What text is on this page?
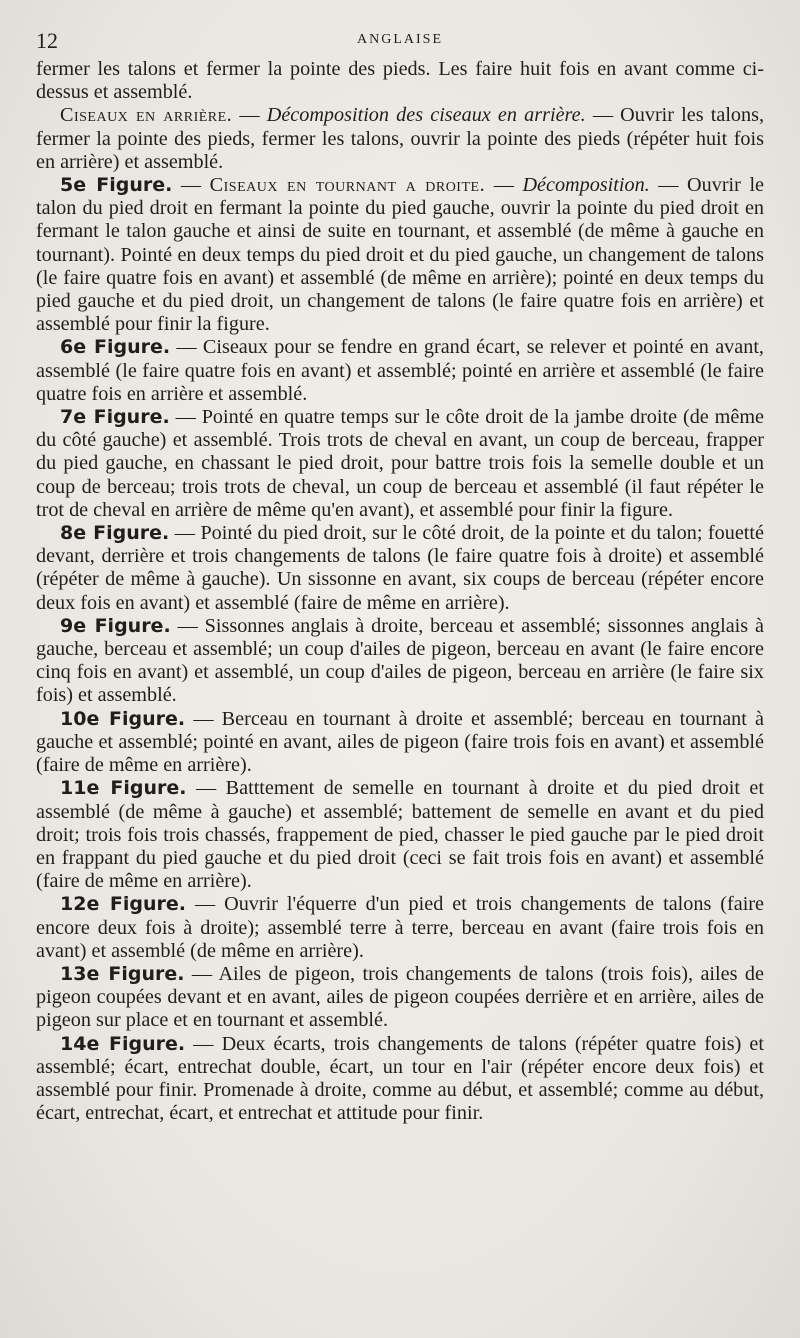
12	ANGLAISE

fermer les talons et fermer la pointe des pieds. Les faire huit fois en avant comme ci-dessus et assemblé.

Ciseaux en arrière. — Décomposition des ciseaux en arrière. — Ouvrir les talons, fermer la pointe des pieds, fermer les talons, ouvrir la pointe des pieds (répéter huit fois en arrière) et assemblé.

5e Figure. — Ciseaux en tournant a droite. — Décomposition. — Ouvrir le talon du pied droit en fermant la pointe du pied gauche, ouvrir la pointe du pied droit en fermant le talon gauche et ainsi de suite en tournant, et assemblé (de même à gauche en tournant). Pointé en deux temps du pied droit et du pied gauche, un changement de talons (le faire quatre fois en avant) et assemblé (de même en arrière); pointé en deux temps du pied gauche et du pied droit, un changement de talons (le faire quatre fois en arrière) et assemblé pour finir la figure.

6e Figure. — Ciseaux pour se fendre en grand écart, se relever et pointé en avant, assemblé (le faire quatre fois en avant) et assemblé; pointé en arrière et assemblé (le faire quatre fois en arrière et assemblé.

7e Figure. — Pointé en quatre temps sur le côte droit de la jambe droite (de même du côté gauche) et assemblé. Trois trots de cheval en avant, un coup de berceau, frapper du pied gauche, en chassant le pied droit, pour battre trois fois la semelle double et un coup de berceau; trois trots de cheval, un coup de berceau et assemblé (il faut répéter le trot de cheval en arrière de même qu'en avant), et assemblé pour finir la figure.

8e Figure. — Pointé du pied droit, sur le côté droit, de la pointe et du talon; fouetté devant, derrière et trois changements de talons (le faire quatre fois à droite) et assemblé (répéter de même à gauche). Un sissonne en avant, six coups de berceau (répéter encore deux fois en avant) et assemblé (faire de même en arrière).

9e Figure. — Sissonnes anglais à droite, berceau et assemblé; sissonnes anglais à gauche, berceau et assemblé; un coup d'ailes de pigeon, berceau en avant (le faire encore cinq fois en avant) et assemblé, un coup d'ailes de pigeon, berceau en arrière (le faire six fois) et assemblé.

10e Figure. — Berceau en tournant à droite et assemblé; berceau en tournant à gauche et assemblé; pointé en avant, ailes de pigeon (faire trois fois en avant) et assemblé (faire de même en arrière).

11e Figure. — Batttement de semelle en tournant à droite et du pied droit et assemblé (de même à gauche) et assemblé; battement de semelle en avant et du pied droit; trois fois trois chassés, frappement de pied, chasser le pied gauche par le pied droit en frappant du pied gauche et du pied droit (ceci se fait trois fois en avant) et assemblé (faire de même en arrière).

12e Figure. — Ouvrir l'équerre d'un pied et trois changements de talons (faire encore deux fois à droite); assemblé terre à terre, berceau en avant (faire trois fois en avant) et assemblé (de même en arrière).

13e Figure. — Ailes de pigeon, trois changements de talons (trois fois), ailes de pigeon coupées devant et en avant, ailes de pigeon coupées derrière et en arrière, ailes de pigeon sur place et en tournant et assemblé.

14e Figure. — Deux écarts, trois changements de talons (répéter quatre fois) et assemblé; écart, entrechat double, écart, un tour en l'air (répéter encore deux fois) et assemblé pour finir. Promenade à droite, comme au début, et assemblé; comme au début, écart, entrechat, écart, et entrechat et attitude pour finir.
